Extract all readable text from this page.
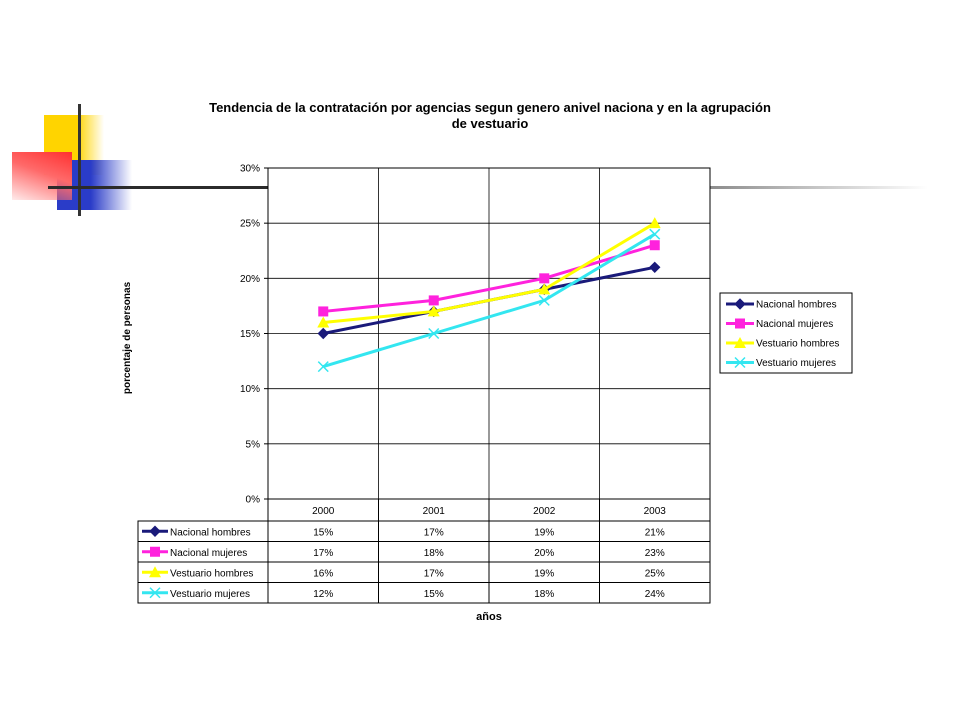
Tendencia de la contratación por agencias segun genero anivel naciona y en la agrupación
de vestuario
0%
5%
10%
15%
20%
25%
30%
porcentaje de personas	Nacional hombres
Nacional mujeres
Vestuario hombres
Vestuario mujeres
2000	2001	2002	2003
Nacional hombres	15%	17%	19%	21%
Nacional mujeres	17%	18%	20%	23%
Vestuario hombres	16%	17%	19%	25%
Vestuario mujeres	12%	15%	18%	24%
años
